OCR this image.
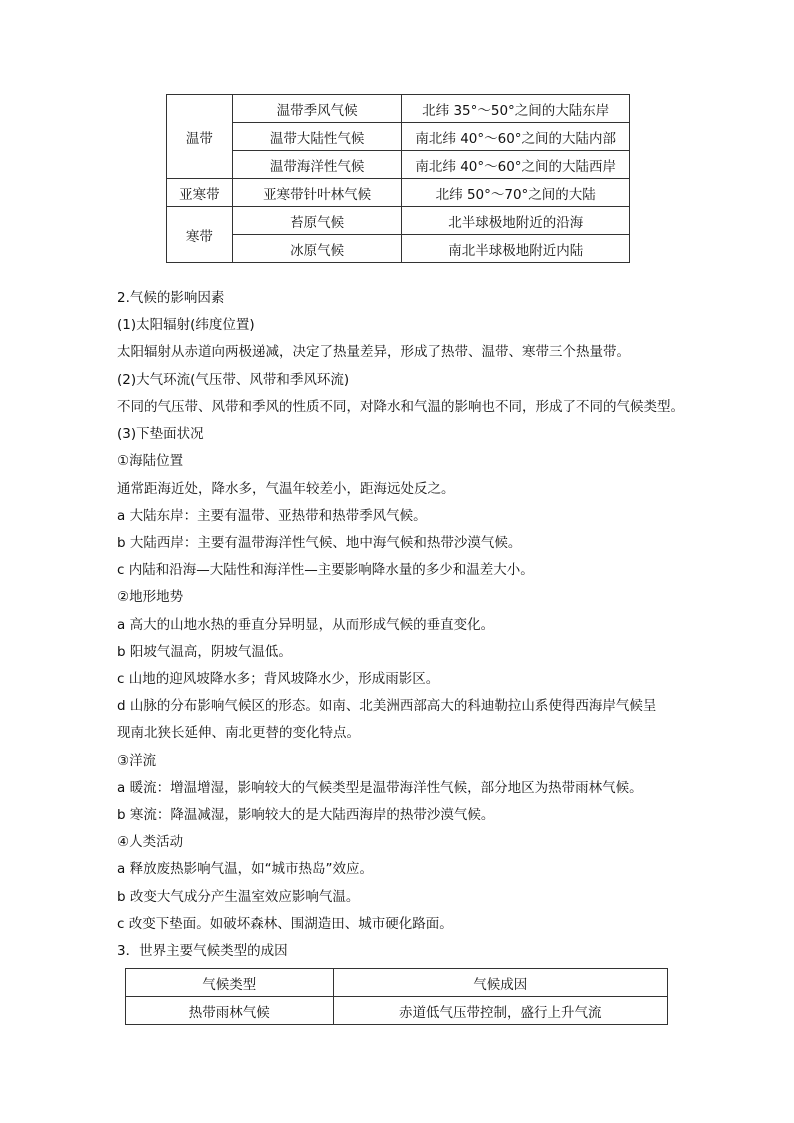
温带	温带季风气候	北纬 35°～50°之间的大陆东岸
	温带大陆性气候	南北纬 40°～60°之间的大陆内部
	温带海洋性气候	南北纬 40°～60°之间的大陆西岸
亚寒带	亚寒带针叶林气候	北纬 50°～70°之间的大陆
寒带	苔原气候	北半球极地附近的沿海
	冰原气候	南北半球极地附近内陆
2.气候的影响因素
(1)太阳辐射(纬度位置)
太阳辐射从赤道向两极递减，决定了热量差异，形成了热带、温带、寒带三个热量带。
(2)大气环流(气压带、风带和季风环流)
不同的气压带、风带和季风的性质不同，对降水和气温的影响也不同，形成了不同的气候类型。
(3)下垫面状况
①海陆位置
通常距海近处，降水多，气温年较差小，距海远处反之。
a 大陆东岸：主要有温带、亚热带和热带季风气候。
b 大陆西岸：主要有温带海洋性气候、地中海气候和热带沙漠气候。
c 内陆和沿海—大陆性和海洋性—主要影响降水量的多少和温差大小。
②地形地势
a 高大的山地水热的垂直分异明显，从而形成气候的垂直变化。
b 阳坡气温高，阴坡气温低。
c 山地的迎风坡降水多；背风坡降水少，形成雨影区。
d 山脉的分布影响气候区的形态。如南、北美洲西部高大的科迪勒拉山系使得西海岸气候呈
现南北狭长延伸、南北更替的变化特点。
③洋流
a 暖流：增温增湿，影响较大的气候类型是温带海洋性气候，部分地区为热带雨林气候。
b 寒流：降温减湿，影响较大的是大陆西海岸的热带沙漠气候。
④人类活动
a 释放废热影响气温，如“城市热岛”效应。
b 改变大气成分产生温室效应影响气温。
c 改变下垫面。如破坏森林、围湖造田、城市硬化路面。
3．世界主要气候类型的成因
气候类型	气候成因
热带雨林气候	赤道低气压带控制，盛行上升气流
